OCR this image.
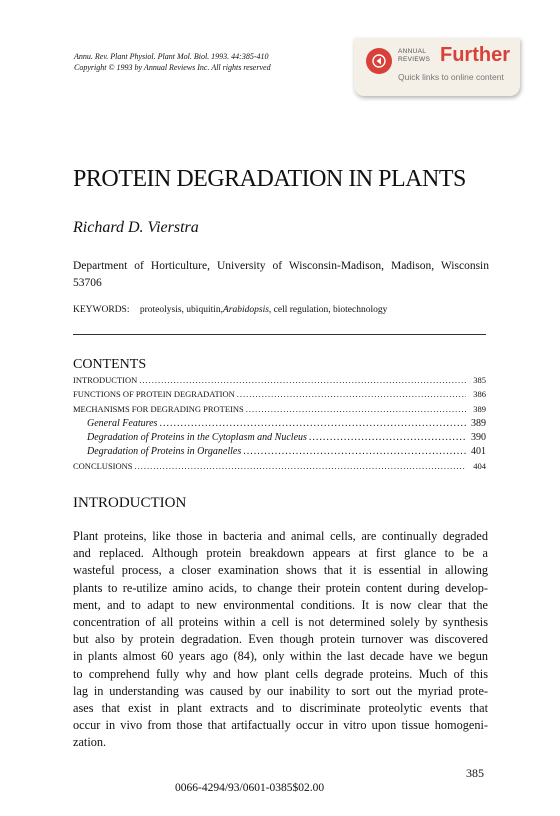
Annu. Rev. Plant Physiol. Plant Mol. Biol. 1993. 44:385-410
Copyright © 1993 by Annual Reviews Inc. All rights reserved
ANNUAL
REVIEWS Further
Quick links to online content
PROTEIN DEGRADATION IN PLANTS
Richard D. Vierstra
Department of Horticulture, University of Wisconsin-Madison, Madison, Wisconsin 53706
KEYWORDS: proteolysis, ubiquitin,Arabidopsis, cell regulation, biotechnology
CONTENTS
INTRODUCTION .....	385
FUNCTIONS OF PROTEIN DEGRADATION .....	386
MECHANISMS FOR DEGRADING PROTEINS .....	389
General Features .....	389
Degradation of Proteins in the Cytoplasm and Nucleus .....	390
Degradation of Proteins in Organelles .....	401
CONCLUSIONS .....	404
INTRODUCTION
Plant proteins, like those in bacteria and animal cells, are continually degraded
and replaced. Although protein breakdown appears at first glance to be a
wasteful process, a closer examination shows that it is essential in allowing
plants to re-utilize amino acids, to change their protein content during develop-
ment, and to adapt to new environmental conditions. It is now clear that the
concentration of all proteins within a cell is not determined solely by synthesis
but also by protein degradation. Even though protein turnover was discovered
in plants almost 60 years ago (84), only within the last decade have we begun
to comprehend fully why and how plant cells degrade proteins. Much of this
lag in understanding was caused by our inability to sort out the myriad prote-
ases that exist in plant extracts and to discriminate proteolytic events that
occur in vivo from those that artifactually occur in vitro upon tissue homogeni-
zation.
385
0066-4294/93/0601-0385$02.00
